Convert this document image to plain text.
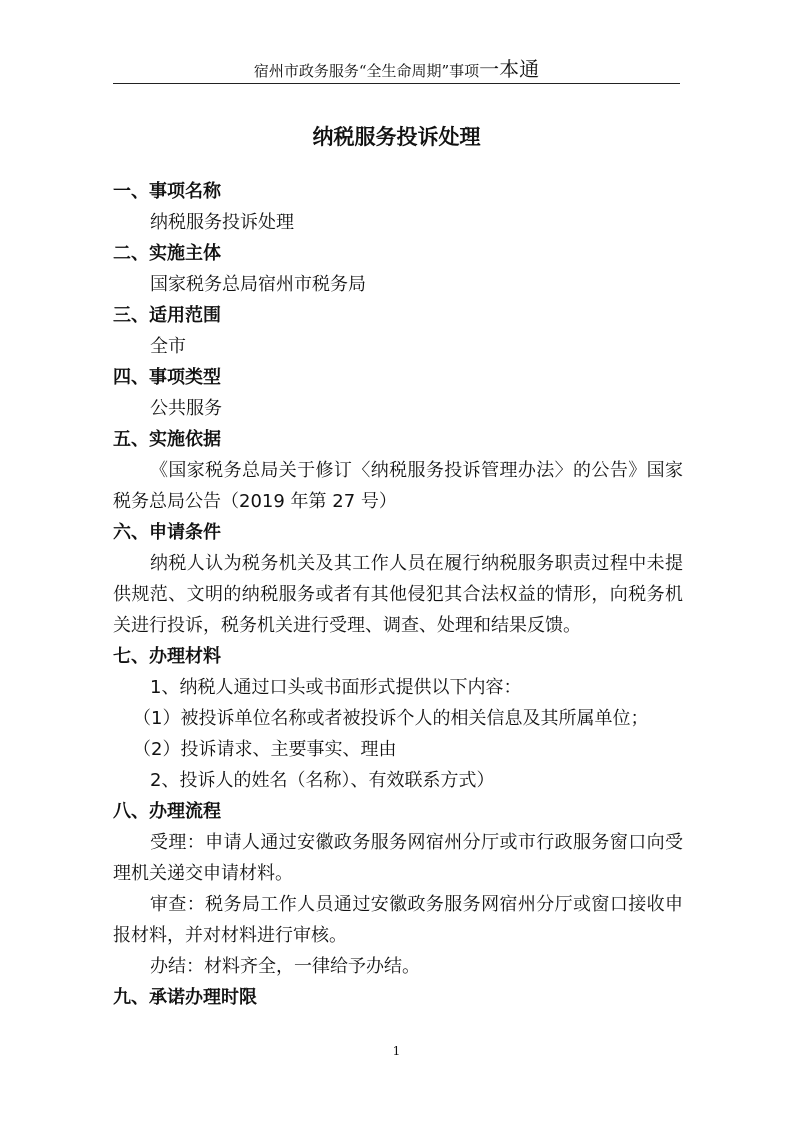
宿州市政务服务“全生命周期”事项一本通
纳税服务投诉处理

一、事项名称

纳税服务投诉处理

二、实施主体

国家税务总局宿州市税务局

三、适用范围

全市

四、事项类型

公共服务

五、实施依据

《国家税务总局关于修订〈纳税服务投诉管理办法〉的公告》国家税务总局公告（2019 年第 27 号）

六、申请条件

纳税人认为税务机关及其工作人员在履行纳税服务职责过程中未提供规范、文明的纳税服务或者有其他侵犯其合法权益的情形，向税务机关进行投诉，税务机关进行受理、调查、处理和结果反馈。

七、办理材料

1、纳税人通过口头或书面形式提供以下内容：

（1）被投诉单位名称或者被投诉个人的相关信息及其所属单位；

（2）投诉请求、主要事实、理由

2、投诉人的姓名（名称）、有效联系方式）

八、办理流程

受理：申请人通过安徽政务服务网宿州分厅或市行政服务窗口向受理机关递交申请材料。

审查：税务局工作人员通过安徽政务服务网宿州分厅或窗口接收申报材料，并对材料进行审核。

办结：材料齐全，一律给予办结。

九、承诺办理时限

1
